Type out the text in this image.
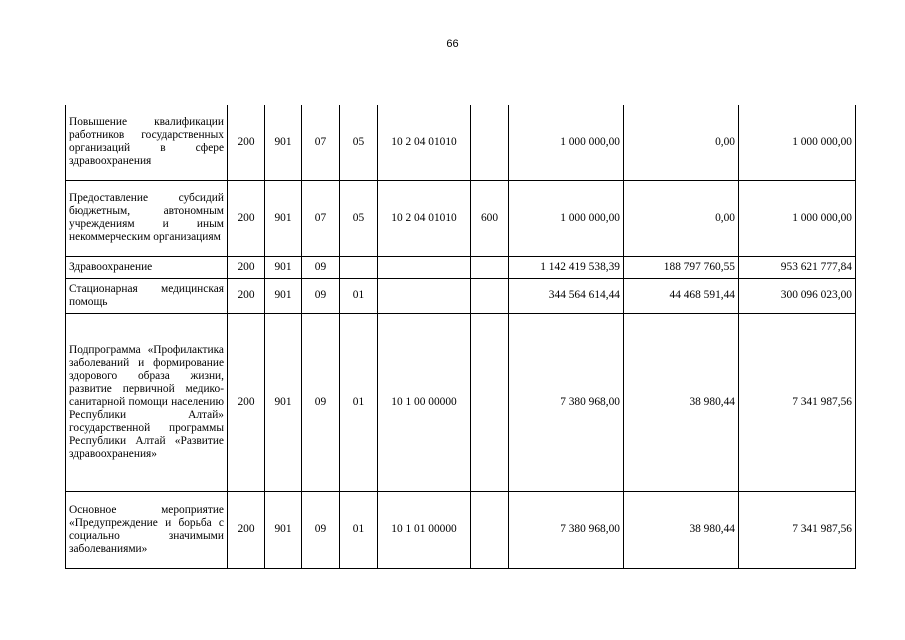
66
Повышение квалификации работников государственных организаций в сфере здравоохранения	200	901	07	05	10 2 04 01010		1 000 000,00	0,00	1 000 000,00
Предоставление субсидий бюджетным, автономным учреждениям и иным некоммерческим организациям	200	901	07	05	10 2 04 01010	600	1 000 000,00	0,00	1 000 000,00
Здравоохранение	200	901	09				1 142 419 538,39	188 797 760,55	953 621 777,84
Стационарная медицинская помощь	200	901	09	01			344 564 614,44	44 468 591,44	300 096 023,00
Подпрограмма «Профилактика заболеваний и формирование здорового образа жизни, развитие первичной медико-санитарной помощи населению Республики Алтай» государственной программы Республики Алтай «Развитие здравоохранения»	200	901	09	01	10 1 00 00000		7 380 968,00	38 980,44	7 341 987,56
Основное мероприятие «Предупреждение и борьба с социально значимыми заболеваниями»	200	901	09	01	10 1 01 00000		7 380 968,00	38 980,44	7 341 987,56
